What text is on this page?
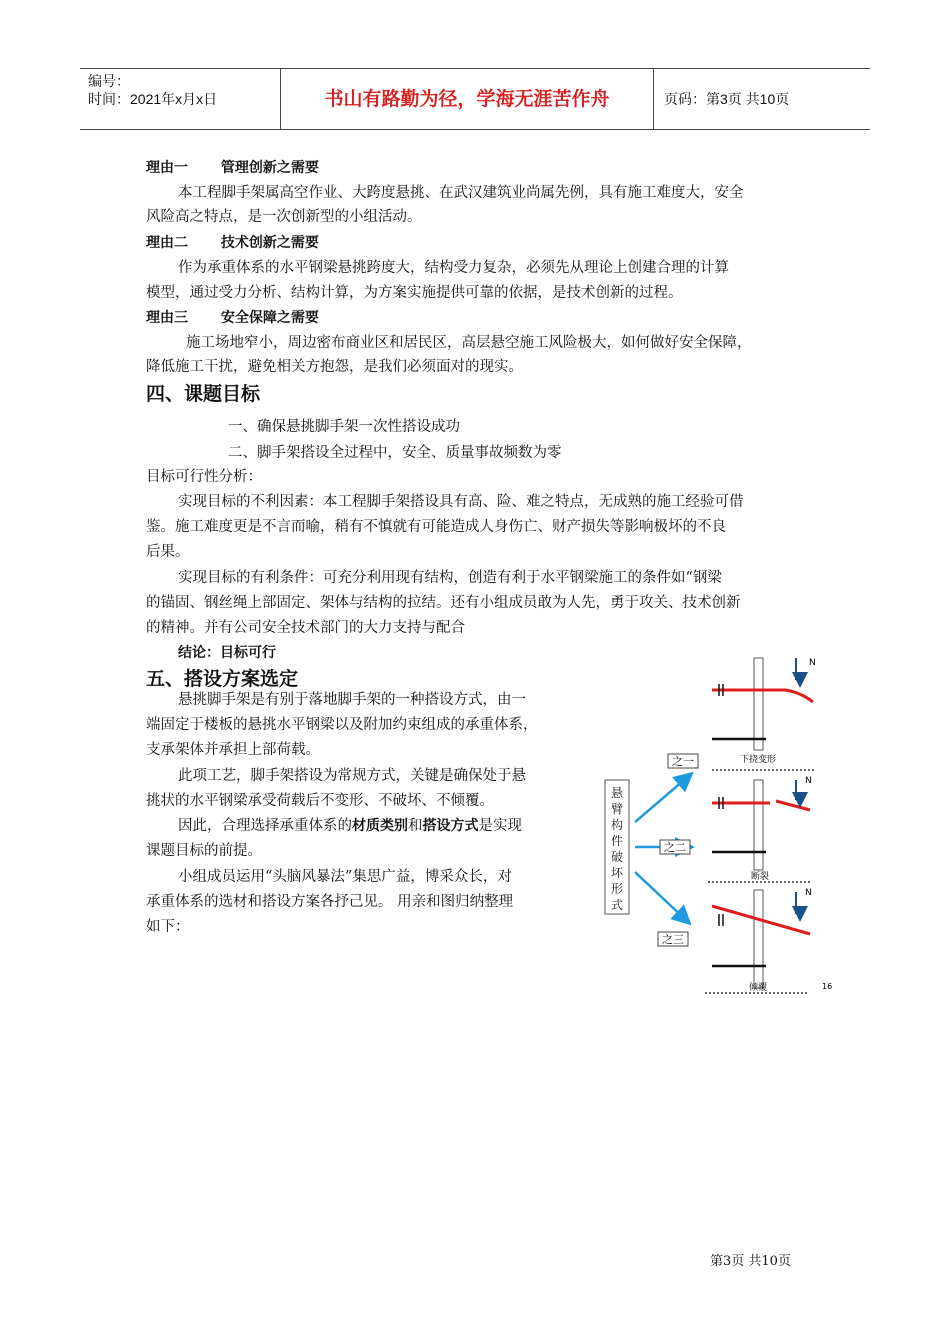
编号：
时间：2021年x月x日	书山有路勤为径，学海无涯苦作舟	页码：第3页 共10页
理由一 管理创新之需要
本工程脚手架属高空作业、大跨度悬挑、在武汉建筑业尚属先例，具有施工难度大，安全
风险高之特点，是一次创新型的小组活动。
理由二 技术创新之需要
作为承重体系的水平钢梁悬挑跨度大，结构受力复杂，必须先从理论上创建合理的计算
模型，通过受力分析、结构计算，为方案实施提供可靠的依据，是技术创新的过程。
理由三 安全保障之需要
施工场地窄小，周边密布商业区和居民区，高层悬空施工风险极大，如何做好安全保障，
降低施工干扰，避免相关方抱怨，是我们必须面对的现实。
四、课题目标
一、确保悬挑脚手架一次性搭设成功
二、脚手架搭设全过程中，安全、质量事故频数为零
目标可行性分析：
实现目标的不利因素：本工程脚手架搭设具有高、险、难之特点，无成熟的施工经验可借
鉴。施工难度更是不言而喻，稍有不慎就有可能造成人身伤亡、财产损失等影响极坏的不良
后果。
实现目标的有利条件：可充分利用现有结构，创造有利于水平钢梁施工的条件如“钢梁
的锚固、钢丝绳上部固定、架体与结构的拉结。还有小组成员敢为人先，勇于攻关、技术创新
的精神。并有公司安全技术部门的大力支持与配合
结论：目标可行
五、搭设方案选定
悬挑脚手架是有别于落地脚手架的一种搭设方式，由一
端固定于楼板的悬挑水平钢梁以及附加约束组成的承重体系，
支承架体并承担上部荷载。
此项工艺，脚手架搭设为常规方式，关键是确保处于悬
挑状的水平钢梁承受荷载后不变形、不破坏、不倾覆。
因此，合理选择承重体系的材质类别和搭设方式是实现
课题目标的前提。
小组成员运用“头脑风暴法”集思广益，博采众长，对
承重体系的选材和搭设方案各抒己见。 用亲和图归纳整理
如下：
悬
臂
构
件
破
坏
形
式
之一
之二
之三
N
下挠变形
N
断裂
N
倾覆	16
第3页 共10页
